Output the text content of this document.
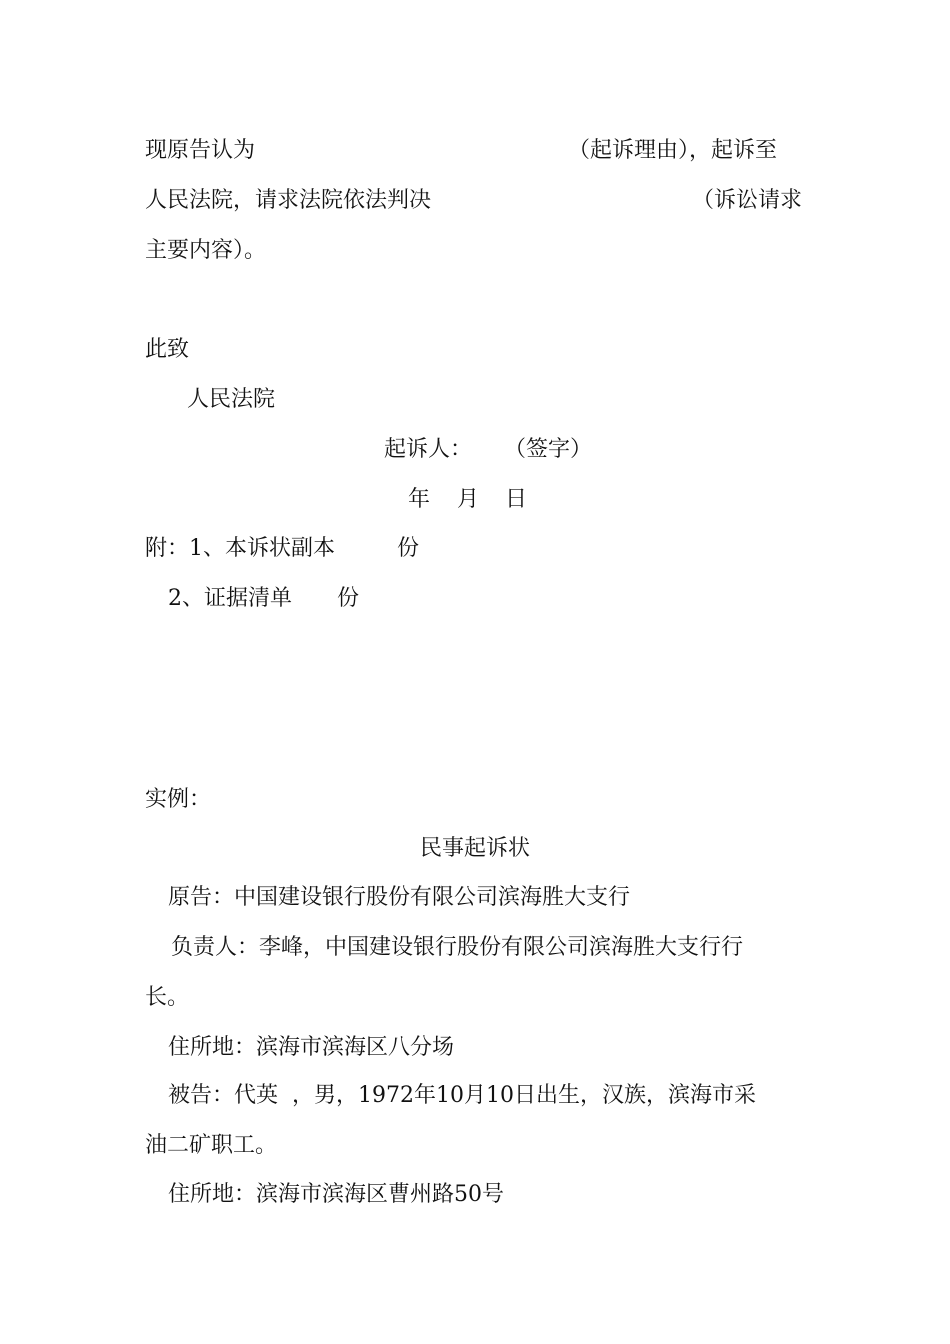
现原告认为	（起诉理由），起诉至
人民法院，请求法院依法判决	（诉讼请求
主要内容）。
此致
人民法院
起诉人： （签字）
年 月 日
附：1、本诉状副本	份
2、证据清单 份
实例：
民事起诉状
原告：中国建设银行股份有限公司滨海胜大支行
负责人：李峰，中国建设银行股份有限公司滨海胜大支行行
长。
住所地：滨海市滨海区八分场
被告：代英  ，男，1972年10月10日出生，汉族，滨海市采
油二矿职工。
住所地：滨海市滨海区曹州路50号
